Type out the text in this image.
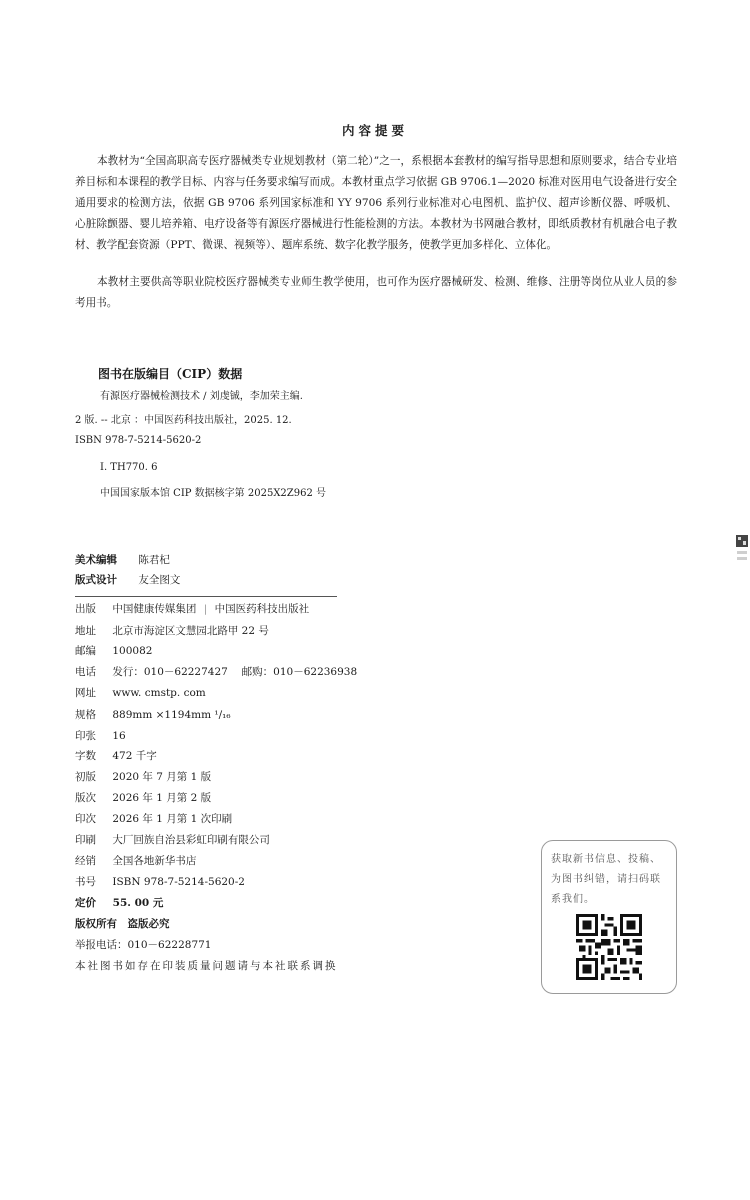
内容提要

本教材为“全国高职高专医疗器械类专业规划教材（第二轮）”之一，系根据本套教材的编写指导思想和原则要求，结合专业培养目标和本课程的教学目标、内容与任务要求编写而成。本教材重点学习依据 GB 9706.1—2020 标准对医用电气设备进行安全通用要求的检测方法，依据 GB 9706 系列国家标准和 YY 9706 系列行业标准对心电图机、监护仪、超声诊断仪器、呼吸机、心脏除颤器、婴儿培养箱、电疗设备等有源医疗器械进行性能检测的方法。本教材为书网融合教材，即纸质教材有机融合电子教材、教学配套资源（PPT、微课、视频等）、题库系统、数字化教学服务，使教学更加多样化、立体化。

本教材主要供高等职业院校医疗器械类专业师生教学使用，也可作为医疗器械研发、检测、维修、注册等岗位从业人员的参考用书。

图书在版编目（CIP）数据
有源医疗器械检测技术 ∕ 刘虔铖，李加荣主编.
2 版. -- 北京 ：中国医药科技出版社，2025. 12.
ISBN 978-7-5214-5620-2
Ⅰ. TH770. 6
中国国家版本馆 CIP 数据核字第 2025X2Z962 号
美术编辑 陈君杞
版式设计 友全图文
出版 中国健康传媒集团 | 中国医药科技出版社
地址 北京市海淀区文慧园北路甲 22 号
邮编 100082
电话 发行：010－62227427　 邮购：010－62236938
网址 www. cmstp. com
规格 889mm ×1194mm ¹∕₁₆
印张 16
字数 472 千字
初版 2020 年 7 月第 1 版
版次 2026 年 1 月第 2 版
印次 2026 年 1 月第 1 次印刷
印刷 大厂回族自治县彩虹印刷有限公司
经销 全国各地新华书店
书号 ISBN 978-7-5214-5620-2
定价 55. 00 元
版权所有　盗版必究
举报电话：010－62228771
本社图书如存在印装质量问题请与本社联系调换
获取新书信息、投稿、为图书纠错，请扫码联系我们。
